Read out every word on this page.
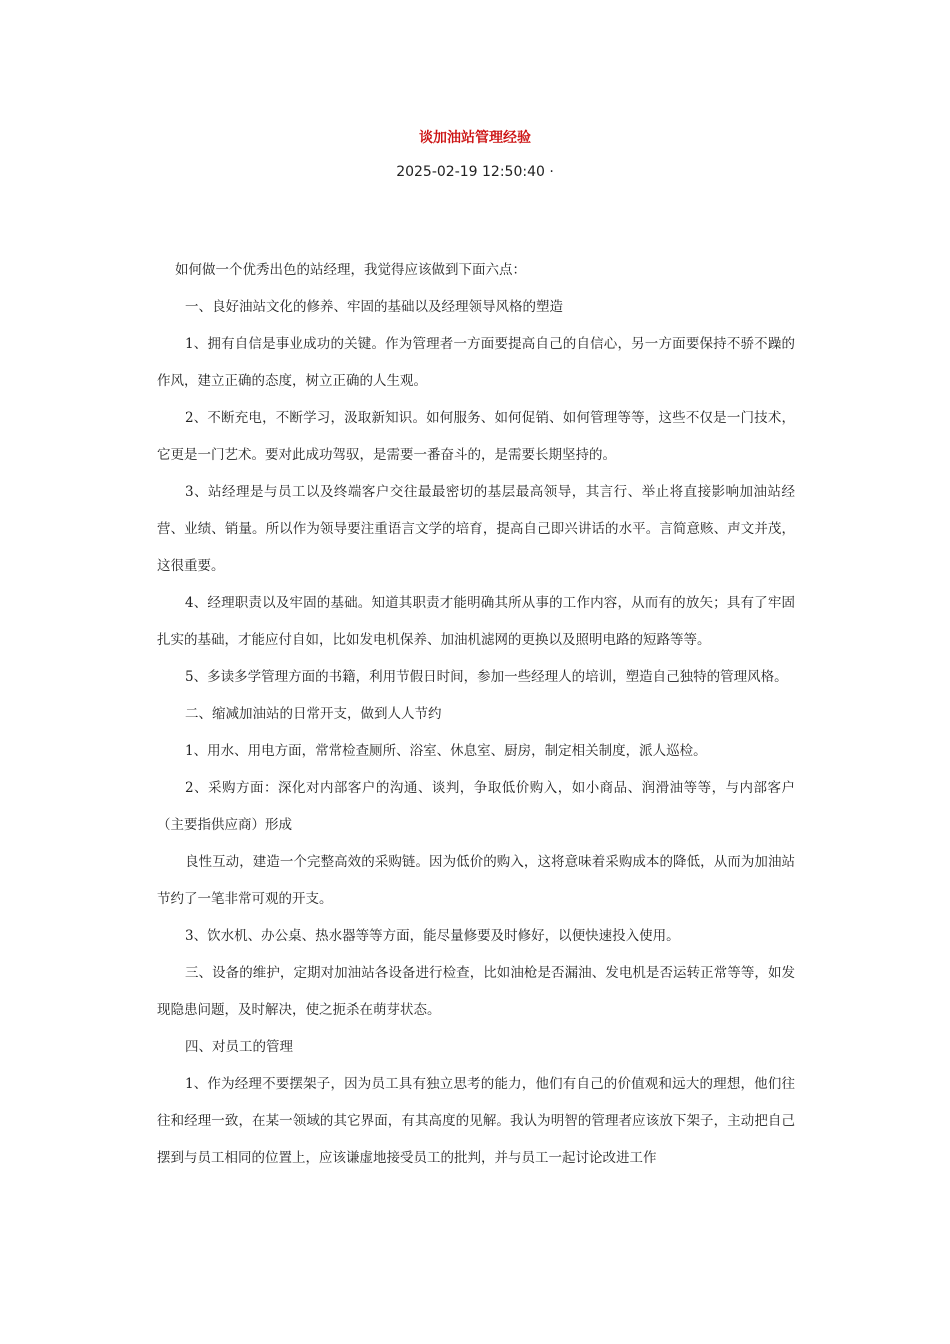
谈加油站管理经验
2025-02-19 12:50:40 ·

如何做一个优秀出色的站经理，我觉得应该做到下面六点：

一、良好油站文化的修养、牢固的基础以及经理领导风格的塑造

1、拥有自信是事业成功的关键。作为管理者一方面要提高自己的自信心，另一方面要保持不骄不躁的作风，建立正确的态度，树立正确的人生观。

2、不断充电，不断学习，汲取新知识。如何服务、如何促销、如何管理等等，这些不仅是一门技术，它更是一门艺术。要对此成功驾驭，是需要一番奋斗的，是需要长期坚持的。

3、站经理是与员工以及终端客户交往最最密切的基层最高领导，其言行、举止将直接影响加油站经营、业绩、销量。所以作为领导要注重语言文学的培育，提高自己即兴讲话的水平。言简意赅、声文并茂，这很重要。

4、经理职责以及牢固的基础。知道其职责才能明确其所从事的工作内容，从而有的放矢；具有了牢固扎实的基础，才能应付自如，比如发电机保养、加油机滤网的更换以及照明电路的短路等等。

5、多读多学管理方面的书籍，利用节假日时间，参加一些经理人的培训，塑造自己独特的管理风格。

二、缩减加油站的日常开支，做到人人节约

1、用水、用电方面，常常检查厕所、浴室、休息室、厨房，制定相关制度，派人巡检。

2、采购方面：深化对内部客户的沟通、谈判，争取低价购入，如小商品、润滑油等等，与内部客户（主要指供应商）形成

良性互动，建造一个完整高效的采购链。因为低价的购入，这将意味着采购成本的降低，从而为加油站节约了一笔非常可观的开支。

3、饮水机、办公桌、热水器等等方面，能尽量修要及时修好，以便快速投入使用。

三、设备的维护，定期对加油站各设备进行检查，比如油枪是否漏油、发电机是否运转正常等等，如发现隐患问题，及时解决，使之扼杀在萌芽状态。

四、对员工的管理

1、作为经理不要摆架子，因为员工具有独立思考的能力，他们有自己的价值观和远大的理想，他们往往和经理一致，在某一领域的其它界面，有其高度的见解。我认为明智的管理者应该放下架子，主动把自己摆到与员工相同的位置上，应该谦虚地接受员工的批判，并与员工一起讨论改进工作
